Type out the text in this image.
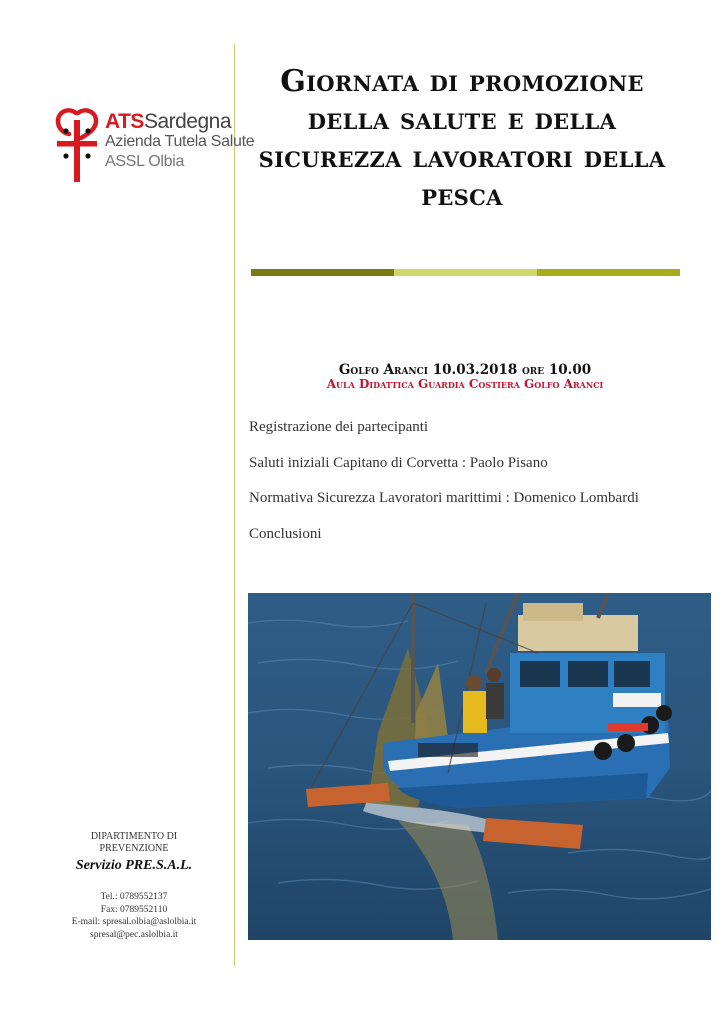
ATSSardegna
Azienda Tutela Salute
ASSL Olbia
Giornata di promozione della salute e della sicurezza lavoratori della pesca
Golfo Aranci 10.03.2018 ore 10.00
Aula Didattica Guardia Costiera Golfo Aranci
Registrazione dei partecipanti
Saluti iniziali Capitano di Corvetta : Paolo Pisano
Normativa Sicurezza Lavoratori marittimi : Domenico Lombardi
Conclusioni
DIPARTIMENTO DI
PREVENZIONE
Servizio PRE.S.A.L.
Tel.: 0789552137
Fax: 0789552110
E-mail: spresal.olbia@aslolbia.it
spresal@pec.aslolbia.it
